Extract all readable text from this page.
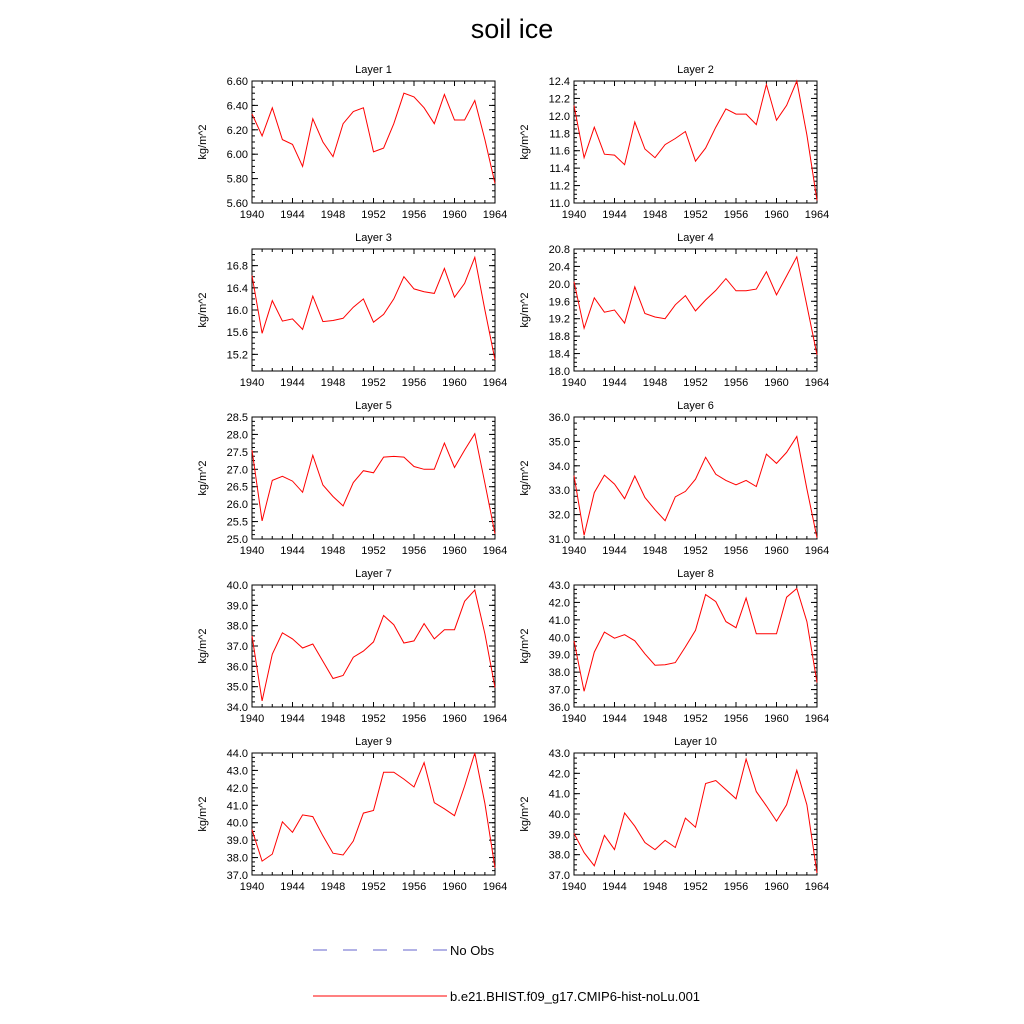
soil ice
Layer 1
kg/m^2
1940 1944 1948 1952 1956 1960 1964
5.60
5.80
6.00
6.20
6.40
6.60
Layer 2
kg/m^2
1940 1944 1948 1952 1956 1960 1964
11.0
11.2
11.4
11.6
11.8
12.0
12.2
12.4
Layer 3
kg/m^2
1940 1944 1948 1952 1956 1960 1964
15.2
15.6
16.0
16.4
16.8
Layer 4
kg/m^2
1940 1944 1948 1952 1956 1960 1964
18.0
18.4
18.8
19.2
19.6
20.0
20.4
20.8
Layer 5
kg/m^2
1940 1944 1948 1952 1956 1960 1964
25.0
25.5
26.0
26.5
27.0
27.5
28.0
28.5
Layer 6
kg/m^2
1940 1944 1948 1952 1956 1960 1964
31.0
32.0
33.0
34.0
35.0
36.0
Layer 7
kg/m^2
1940 1944 1948 1952 1956 1960 1964
34.0
35.0
36.0
37.0
38.0
39.0
40.0
Layer 8
kg/m^2
1940 1944 1948 1952 1956 1960 1964
36.0
37.0
38.0
39.0
40.0
41.0
42.0
43.0
Layer 9
kg/m^2
1940 1944 1948 1952 1956 1960 1964
37.0
38.0
39.0
40.0
41.0
42.0
43.0
44.0
Layer 10
kg/m^2
1940 1944 1948 1952 1956 1960 1964
37.0
38.0
39.0
40.0
41.0
42.0
43.0
No Obs
b.e21.BHIST.f09_g17.CMIP6-hist-noLu.001
